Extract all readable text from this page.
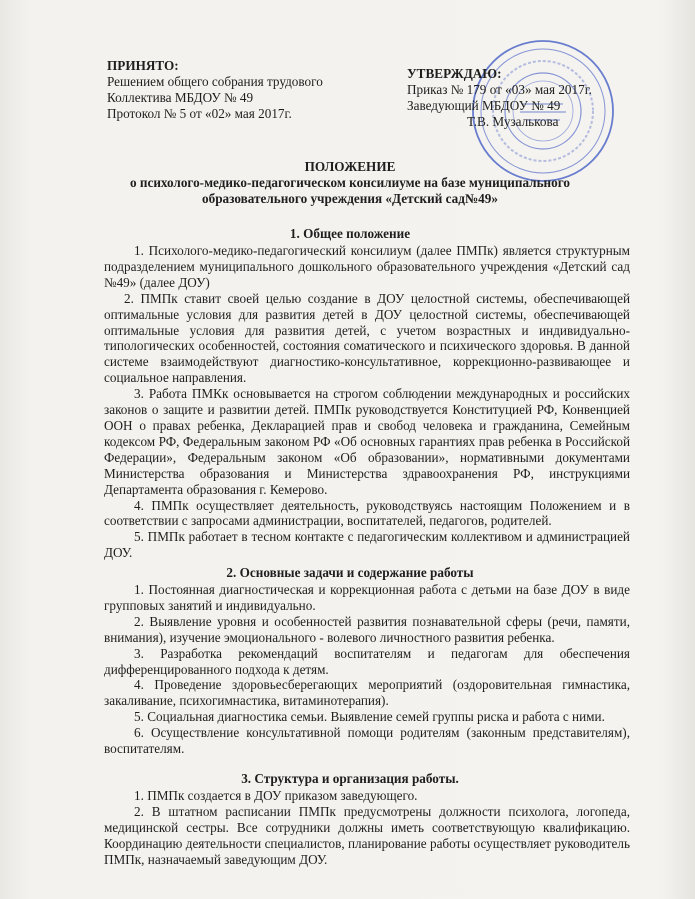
ПРИНЯТО:
Решением общего собрания трудового
Коллектива МБДОУ № 49
Протокол № 5 от «02» мая 2017г.
УТВЕРЖДАЮ:
Приказ № 179 от «03» мая 2017г.
Заведующий МБДОУ № 49
Т.В. Музалькова
ПОЛОЖЕНИЕ
о психолого-медико-педагогическом консилиуме на базе муниципального
образовательного учреждения «Детский сад№49»
1. Общее положение

1. Психолого-медико-педагогический консилиум (далее ПМПк) является структурным подразделением муниципального дошкольного образовательного учреждения «Детский сад №49» (далее ДОУ)

2. ПМПк ставит своей целью создание в ДОУ целостной системы, обеспечивающей оптимальные условия для развития детей в ДОУ целостной системы, обеспечивающей оптимальные условия для развития детей, с учетом возрастных и индивидуально-типологических особенностей, состояния соматического и психического здоровья. В данной системе взаимодействуют диагностико-консультативное, коррекционно-развивающее и социальное направления.

3. Работа ПМКк основывается на строгом соблюдении международных и российских законов о защите и развитии детей. ПМПк руководствуется Конституцией РФ, Конвенцией ООН о правах ребенка, Декларацией прав и свобод человека и гражданина, Семейным кодексом РФ, Федеральным законом РФ «Об основных гарантиях прав ребенка в Российской Федерации», Федеральным законом «Об образовании», нормативными документами Министерства образования и Министерства здравоохранения РФ, инструкциями Департамента образования г. Кемерово.

4. ПМПк осуществляет деятельность, руководствуясь настоящим Положением и в соответствии с запросами администрации, воспитателей, педагогов, родителей.

5. ПМПк работает в тесном контакте с педагогическим коллективом и администрацией ДОУ.

2. Основные задачи и содержание работы

1. Постоянная диагностическая и коррекционная работа с детьми на базе ДОУ в виде групповых занятий и индивидуально.

2. Выявление уровня и особенностей развития познавательной сферы (речи, памяти, внимания), изучение эмоционального - волевого личностного развития ребенка.

3. Разработка рекомендаций воспитателям и педагогам для обеспечения дифференцированного подхода к детям.

4. Проведение здоровьесберегающих мероприятий (оздоровительная гимнастика, закаливание, психогимнастика, витаминотерапия).

5. Социальная диагностика семьи. Выявление семей группы риска и работа с ними.

6. Осуществление консультативной помощи родителям (законным представителям), воспитателям.

3. Структура и организация работы.

1. ПМПк создается в ДОУ приказом заведующего.

2. В штатном расписании ПМПк предусмотрены должности психолога, логопеда, медицинской сестры. Все сотрудники должны иметь соответствующую квалификацию. Координацию деятельности специалистов, планирование работы осуществляет руководитель ПМПк, назначаемый заведующим ДОУ.
